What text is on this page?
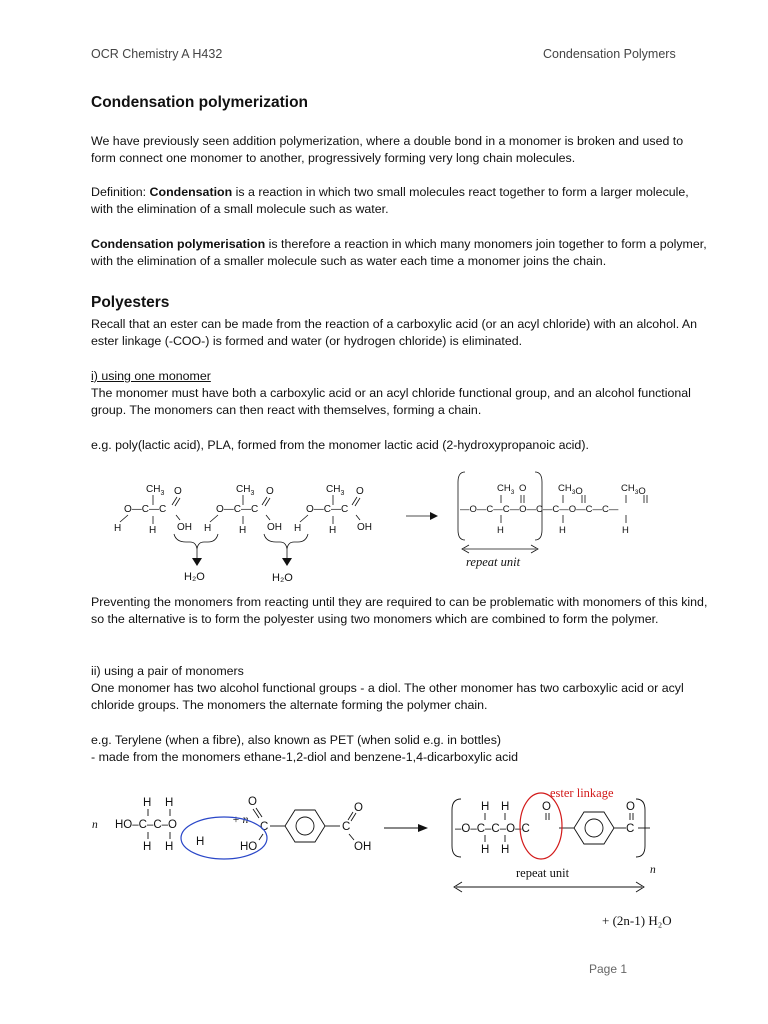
OCR Chemistry A H432	Condensation Polymers
Condensation polymerization
We have previously seen addition polymerization, where a double bond in a monomer is broken and used to form connect one monomer to another, progressively forming very long chain molecules.
Definition: Condensation is a reaction in which two small molecules react together to form a larger molecule, with the elimination of a small molecule such as water.
Condensation polymerisation is therefore a reaction in which many monomers join together to form a polymer, with the elimination of a smaller molecule such as water each time a monomer joins the chain.
Polyesters
Recall that an ester can be made from the reaction of a carboxylic acid (or an acyl chloride) with an alcohol. An ester linkage (-COO-) is formed and water (or hydrogen chloride) is eliminated.
i) using one monomer
The monomer must have both a carboxylic acid or an acyl chloride functional group, and an alcohol functional group. The monomers can then react with themselves, forming a chain.
e.g. poly(lactic acid), PLA, formed from the monomer lactic acid (2-hydroxypropanoic acid).
$CH_3$
O—C—C
H	H
O
OH
$CH_3$
O—C—C
H	H
O
OH
$CH_3$
O—C—C
H	H
O
OH
—O—C—C—O—C—C—O—C—C—
$CH_3$ O	$CH_3O$	$CH_3O$
H	H	H
H₂O	H₂O
repeat unit
Preventing the monomers from reacting until they are required to can be problematic with monomers of this kind, so the alternative is to form the polyester using two monomers which are combined to form the polymer.
ii) using a pair of monomers
One monomer has two alcohol functional groups - a diol. The other monomer has two carboxylic acid or acyl chloride groups. The monomers the alternate forming the polymer chain.
e.g. Terylene (when a fibre), also known as PET (when solid e.g. in bottles)
- made from the monomers ethane-1,2-diol and benzene-1,4-dicarboxylic acid
n
H H
HO–C–C–O
H H H
+ n
O
C
HO
C
O
OH
n
H H
–O–C–C–O–C
H H
O
C
O
ester linkage
repeat unit
+ (2n-1) H₂O
Page 1
